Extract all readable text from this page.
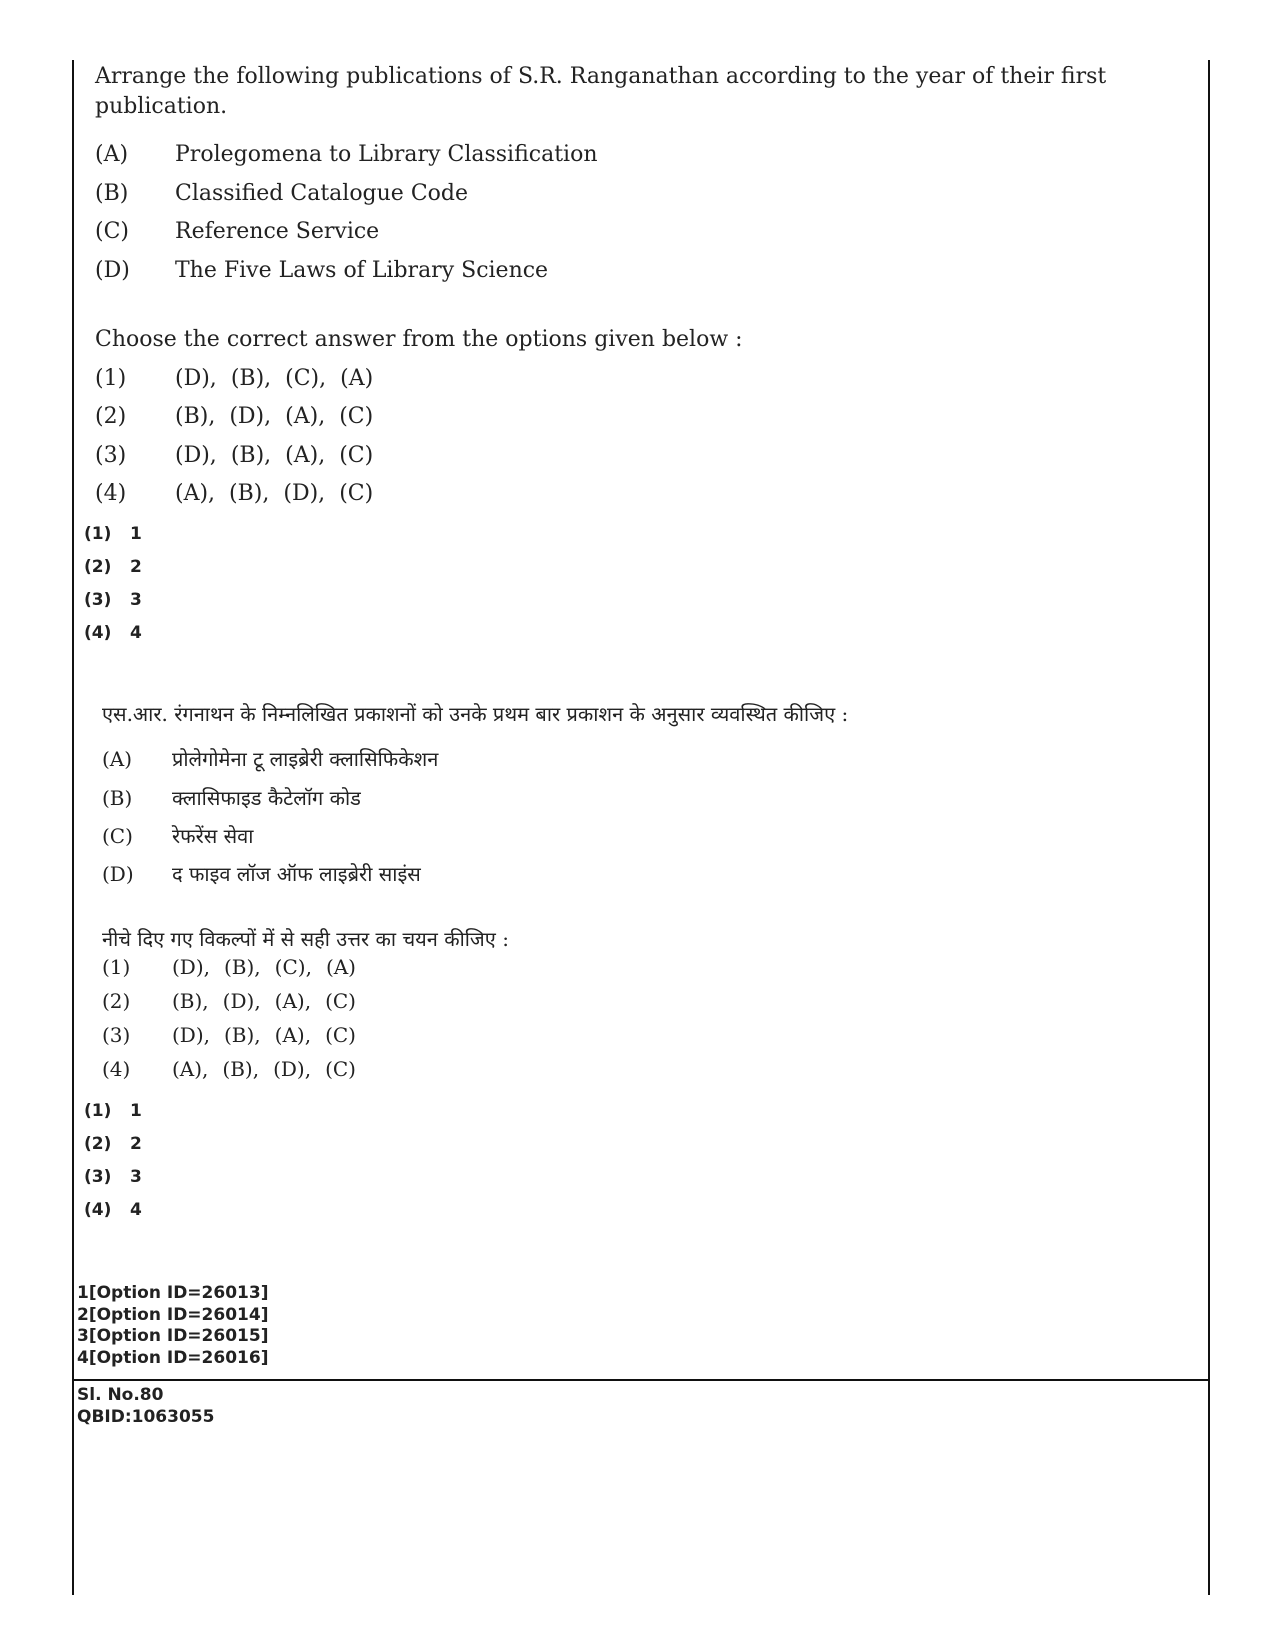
Arrange the following publications of S.R. Ranganathan according to the year of their first publication.
(A)	Prolegomena to Library Classification
(B)	Classified Catalogue Code
(C)	Reference Service
(D)	The Five Laws of Library Science
Choose the correct answer from the options given below :
(1)	(D), (B), (C), (A)
(2)	(B), (D), (A), (C)
(3)	(D), (B), (A), (C)
(4)	(A), (B), (D), (C)
(1) 1
(2) 2
(3) 3
(4) 4
एस.आर. रंगनाथन के निम्नलिखित प्रकाशनों को उनके प्रथम बार प्रकाशन के अनुसार व्यवस्थित कीजिए :
(A)	प्रोलेगोमेना टू लाइब्रेरी क्लासिफिकेशन
(B)	क्लासिफाइड कैटेलॉग कोड
(C)	रेफरेंस सेवा
(D)	द फाइव लॉज ऑफ लाइब्रेरी साइंस
नीचे दिए गए विकल्पों में से सही उत्तर का चयन कीजिए :
(1)	(D), (B), (C), (A)
(2)	(B), (D), (A), (C)
(3)	(D), (B), (A), (C)
(4)	(A), (B), (D), (C)
(1) 1
(2) 2
(3) 3
(4) 4
1[Option ID=26013]
2[Option ID=26014]
3[Option ID=26015]
4[Option ID=26016]
Sl. No.80
QBID:1063055
